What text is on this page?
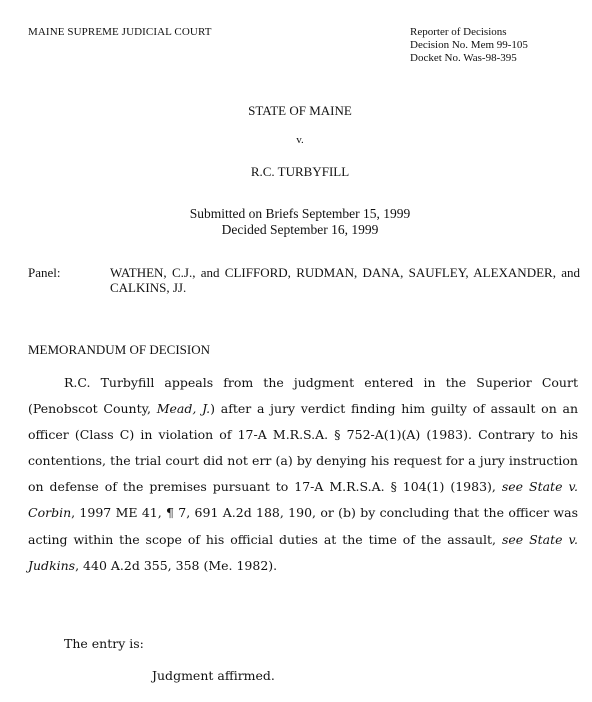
MAINE SUPREME JUDICIAL COURT	Reporter of Decisions
Decision No. Mem 99-105
Docket No. Was-98-395
STATE OF MAINE
v.
R.C. TURBYFILL
Submitted on Briefs September 15, 1999
Decided September 16, 1999
Panel:	WATHEN, C.J., and CLIFFORD, RUDMAN, DANA, SAUFLEY, ALEXANDER, and CALKINS, JJ.
MEMORANDUM OF DECISION
R.C. Turbyfill appeals from the judgment entered in the Superior Court (Penobscot County, Mead, J.) after a jury verdict finding him guilty of assault on an officer (Class C) in violation of 17-A M.R.S.A. § 752-A(1)(A) (1983). Contrary to his contentions, the trial court did not err (a) by denying his request for a jury instruction on defense of the premises pursuant to 17-A M.R.S.A. § 104(1) (1983), see State v. Corbin, 1997 ME 41, ¶ 7, 691 A.2d 188, 190, or (b) by concluding that the officer was acting within the scope of his official duties at the time of the assault, see State v. Judkins, 440 A.2d 355, 358 (Me. 1982).
The entry is:
Judgment affirmed.
